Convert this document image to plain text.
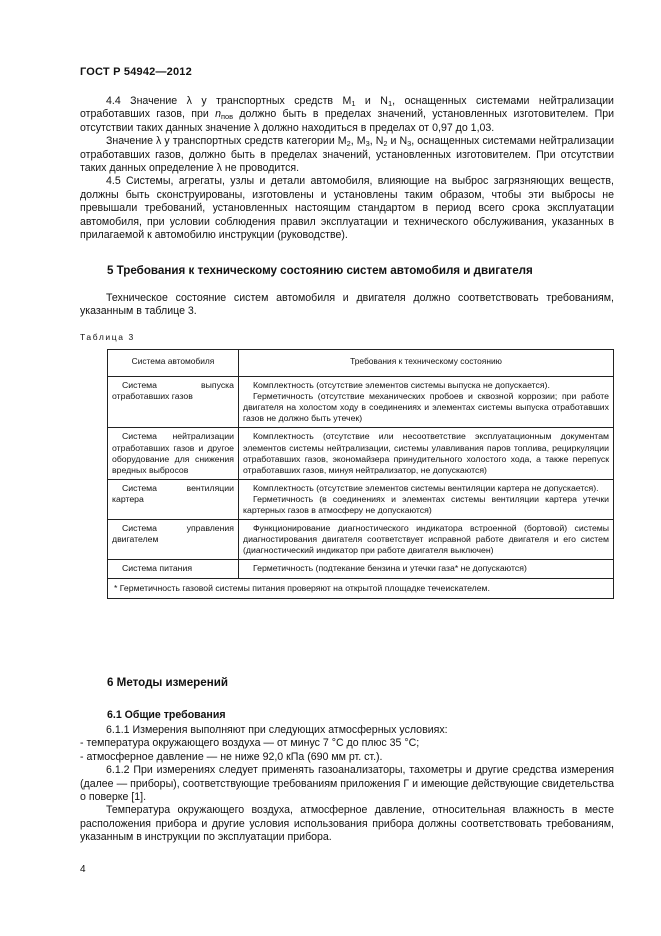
ГОСТ Р 54942—2012

4.4 Значение λ у транспортных средств $M_1$ и $N_1$, оснащенных системами нейтрализации отработавших газов, при $n_{пов}$ должно быть в пределах значений, установленных изготовителем. При отсутствии таких данных значение λ должно находиться в пределах от 0,97 до 1,03.

Значение λ у транспортных средств категории $M_2$, $M_3$, $N_2$ и $N_3$, оснащенных системами нейтрализации отработавших газов, должно быть в пределах значений, установленных изготовителем. При отсутствии таких данных определение λ не проводится.

4.5 Системы, агрегаты, узлы и детали автомобиля, влияющие на выброс загрязняющих веществ, должны быть сконструированы, изготовлены и установлены таким образом, чтобы эти выбросы не превышали требований, установленных настоящим стандартом в период всего срока эксплуатации автомобиля, при условии соблюдения правил эксплуатации и технического обслуживания, указанных в прилагаемой к автомобилю инструкции (руководстве).

5 Требования к техническому состоянию систем автомобиля и двигателя

Техническое состояние систем автомобиля и двигателя должно соответствовать требованиям, указанным в таблице 3.

Таблица 3
Система автомобиля	Требования к техническому состоянию

Система выпуска отработавших газов	Комплектность (отсутствие элементов системы выпуска не допускается).

Герметичность (отсутствие механических пробоев и сквозной коррозии; при работе двигателя на холостом ходу в соединениях и элементах системы выпуска отработавших газов не должно быть утечек)

Система нейтрализации отработавших газов и другое оборудование для снижения вредных выбросов	Комплектность (отсутствие или несоответствие эксплуатационным документам элементов системы нейтрализации, системы улавливания паров топлива, рециркуляции отработавших газов, экономайзера принудительного холостого хода, а также перепуск отработавших газов, минуя нейтрализатор, не допускаются)

Система вентиляции картера	Комплектность (отсутствие элементов системы вентиляции картера не допускается).

Герметичность (в соединениях и элементах системы вентиляции картера утечки картерных газов в атмосферу не допускаются)

Система управления двигателем	Функционирование диагностического индикатора встроенной (бортовой) системы диагностирования двигателя соответствует исправной работе двигателя и его систем (диагностический индикатор при работе двигателя выключен)

Система питания	Герметичность (подтекание бензина и утечки газа* не допускаются)

* Герметичность газовой системы питания проверяют на открытой площадке течеискателем.	
6 Методы измерений
6.1 Общие требования

6.1.1 Измерения выполняют при следующих атмосферных условиях:

- температура окружающего воздуха — от минус 7 °С до плюс 35 °С;

- атмосферное давление — не ниже 92,0 кПа (690 мм рт. ст.).

6.1.2 При измерениях следует применять газоанализаторы, тахометры и другие средства измерения (далее — приборы), соответствующие требованиям приложения Г и имеющие действующие свидетельства о поверке [1].

Температура окружающего воздуха, атмосферное давление, относительная влажность в месте расположения прибора и другие условия использования прибора должны соответствовать требованиям, указанным в инструкции по эксплуатации прибора.

4
